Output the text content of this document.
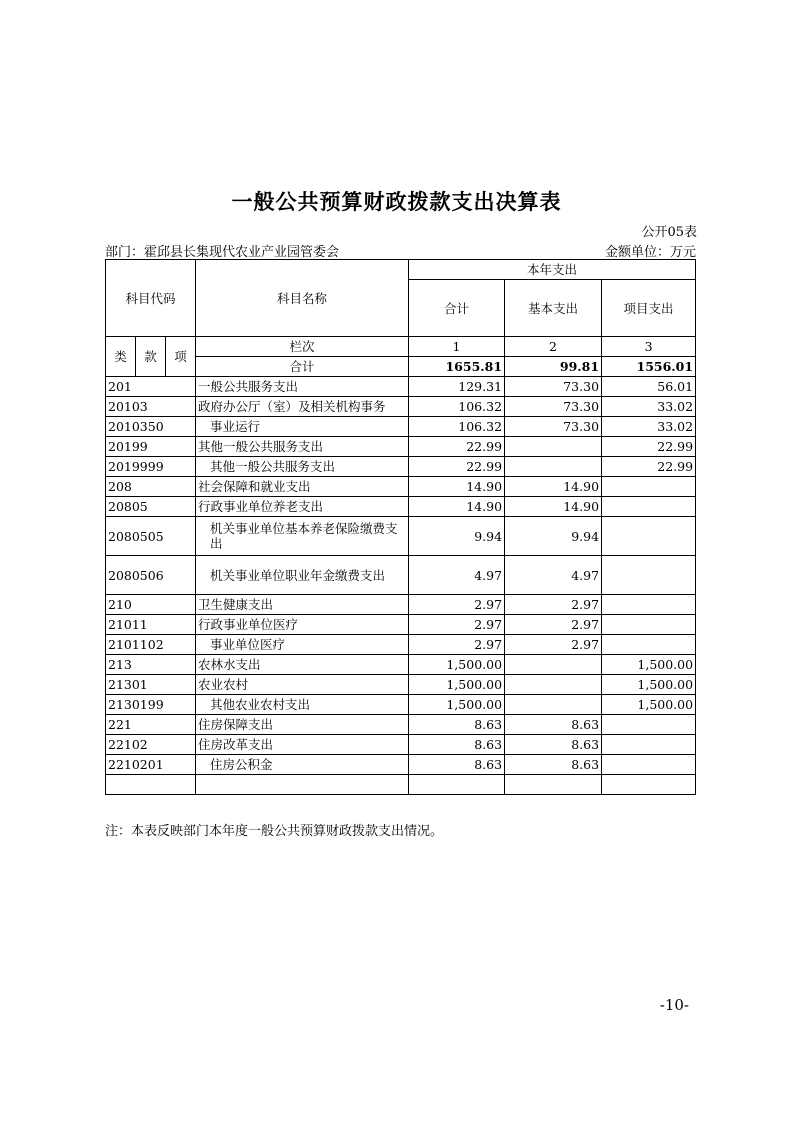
一般公共预算财政拨款支出决算表
公开05表
部门：霍邱县长集现代农业产业园管委会	金额单位：万元
科目代码			科目名称	本年支出			
				合计	基本支出	项目支出	

类	款	项	栏次	1	2	3	
			合计	1655.81	99.81	1556.01	
201			一般公共服务支出	129.31	73.30	56.01	
20103			政府办公厅（室）及相关机构事务	106.32	73.30	33.02	
2010350			事业运行	106.32	73.30	33.02	
20199			其他一般公共服务支出	22.99		22.99	
2019999			其他一般公共服务支出	22.99		22.99	
208			社会保障和就业支出	14.90	14.90		
20805			行政事业单位养老支出	14.90	14.90		
2080505			机关事业单位基本养老保险缴费支出	9.94	9.94		
2080506			机关事业单位职业年金缴费支出	4.97	4.97		
210			卫生健康支出	2.97	2.97		
21011			行政事业单位医疗	2.97	2.97		
2101102			事业单位医疗	2.97	2.97		
213			农林水支出	1,500.00		1,500.00	
21301			农业农村	1,500.00		1,500.00	
2130199			其他农业农村支出	1,500.00		1,500.00	
221			住房保障支出	8.63	8.63		
22102			住房改革支出	8.63	8.63		
2210201			住房公积金	8.63	8.63		

注：本表反映部门本年度一般公共预算财政拨款支出情况。
-10-
